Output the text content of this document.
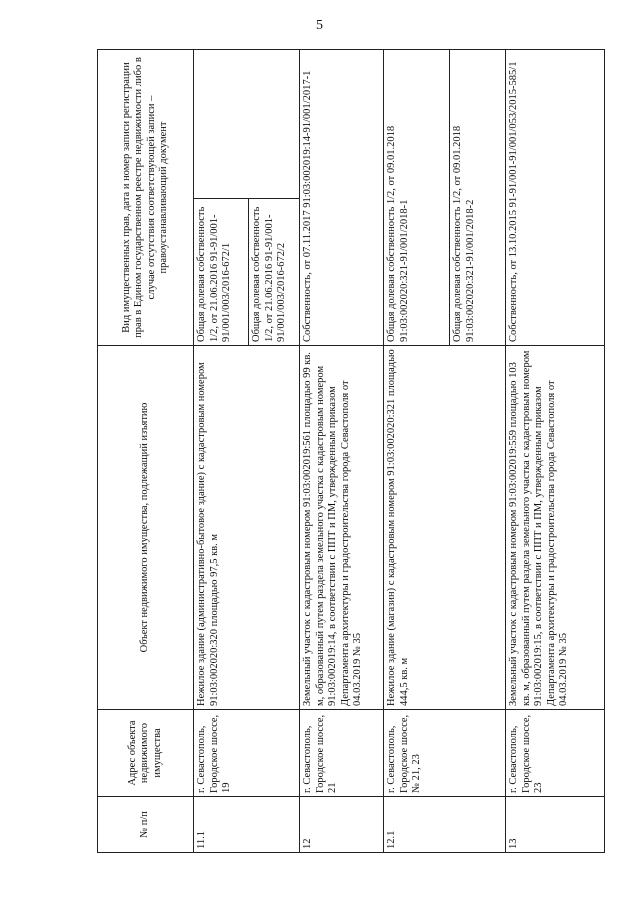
5
№ п/п	Адрес объекта недвижимого имущества	Объект недвижимого имущества, подлежащий изъятию	Вид имущественных прав, дата и номер записи регистрации прав в Едином государственном реестре недвижимости либо в случае отсутствия соответствующей записи – правоустанавливающий документ	
11.1	г. Севастополь, Городское шоссе, 19	Нежилое здание (административно-бытовое здание) с кадастровым номером 91:03:002020:320 площадью 97,5 кв. м	Общая долевая собственность 1/2, от 21.06.2016 91-91/001-91/001/003/2016-672/1	
			Общая долевая собственность 1/2, от 21.06.2016 91-91/001-91/001/003/2016-672/2	
12	г. Севастополь, Городское шоссе, 21	Земельный участок с кадастровым номером 91:03:002019:561 площадью 99 кв. м, образованный путем раздела земельного участка с кадастровым номером 91:03:002019:14, в соответствии с ППТ и ПМ, утвержденным приказом Департамента архитектуры и градостроительства города Севастополя от 04.03.2019 № 35	Собственность, от 07.11.2017 91:03:002019:14-91/001/2017-1	
12.1	г. Севастополь, Городское шоссе, № 21, 23	Нежилое здание (магазин) с кадастровым номером 91:03:002020:321 площадью 444,5 кв. м	Общая долевая собственность 1/2, от 09.01.2018 91:03:002020:321-91/001/2018-1	
			Общая долевая собственность 1/2, от 09.01.2018 91:03:002020:321-91/001/2018-2	
13	г. Севастополь, Городское шоссе, 23	Земельный участок с кадастровым номером 91:03:002019:559 площадью 103 кв. м, образованный путем раздела земельного участка с кадастровым номером 91:03:002019:15, в соответствии с ППТ и ПМ, утвержденным приказом Департамента архитектуры и градостроительства города Севастополя от 04.03.2019 № 35	Собственность, от 13.10.2015 91-91/001-91/001/053/2015-585/1	
